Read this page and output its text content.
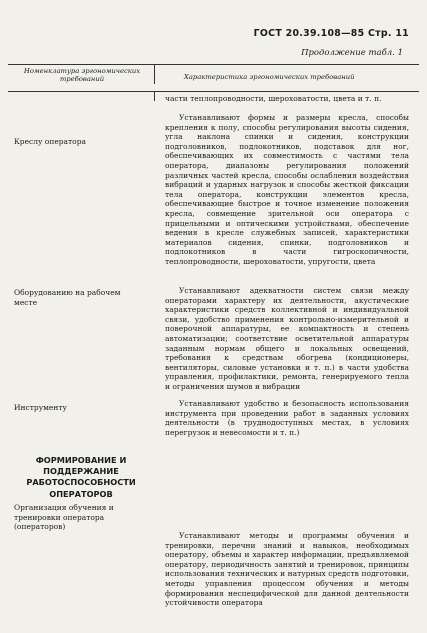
ГОСТ 20.39.108—85 Стр. 11
Продолжение табл. 1
Номенклатура эргономических требований	Характеристика эргономических требований
части теплопроводности, шероховатости, цвета и т. п.
Креслу оператора
Устанавливают формы и размеры кресла, способы крепления к полу, способы регулирования высоты сидения, угла наклона спинки и сидения, конструкции подголовников, подлокотников, подставок для ног, обеспечивающих их совместимость с частями тела оператора, диапазоны регулирования положений различных частей кресла, способы ослабления воздействия вибраций и ударных нагрузок и способы жесткой фиксации тела оператора, конструкции элементов кресла, обеспечивающие быстрое и точное изменение положения кресла, совмещение зрительной оси оператора с прицельными и оптическими устройствами, обеспечение ведения в кресле служебных записей, характеристики материалов сидения, спинки, подголовников и подлокотников в части гигроскопичности, теплопроводности, шероховатости, упругости, цвета
Оборудованию на рабочем месте
Устанавливают адекватности систем связи между операторами характеру их деятельности, акустические характеристики средств коллективной и индивидуальной связи, удобство применения контрольно-измерительной и поверочной аппаратуры, ее компактность и степень автоматизации; соответствие осветительной аппаратуры заданным нормам общего и локальных освещений, требования к средствам обогрева (кондиционеры, вентиляторы, силовые установки и т. п.) в части удобства управления, профилактики, ремонта, генерируемого тепла и ограничения шумов и вибрации
Инструменту	Устанавливают удобство и безопасность использования инструмента при проведении работ в заданных условиях деятельности (в труднодоступных местах, в условиях перегрузок и невесомости и т. п.)
ФОРМИРОВАНИЕ И ПОДДЕРЖАНИЕ РАБОТОСПОСОБНОСТИ ОПЕРАТОРОВ
Организация обучения и тренировки оператора (операторов)
Устанавливают методы и программы обучения и тренировки, перечни знаний и навыков, необходимых оператору, объемы и характер информации, предъявляемой оператору, периодичность занятий и тренировок, принципы использования технических и натурных средств подготовки, методы управления процессом обучения и методы формирования неспецифической для данной деятельности устойчивости оператора
